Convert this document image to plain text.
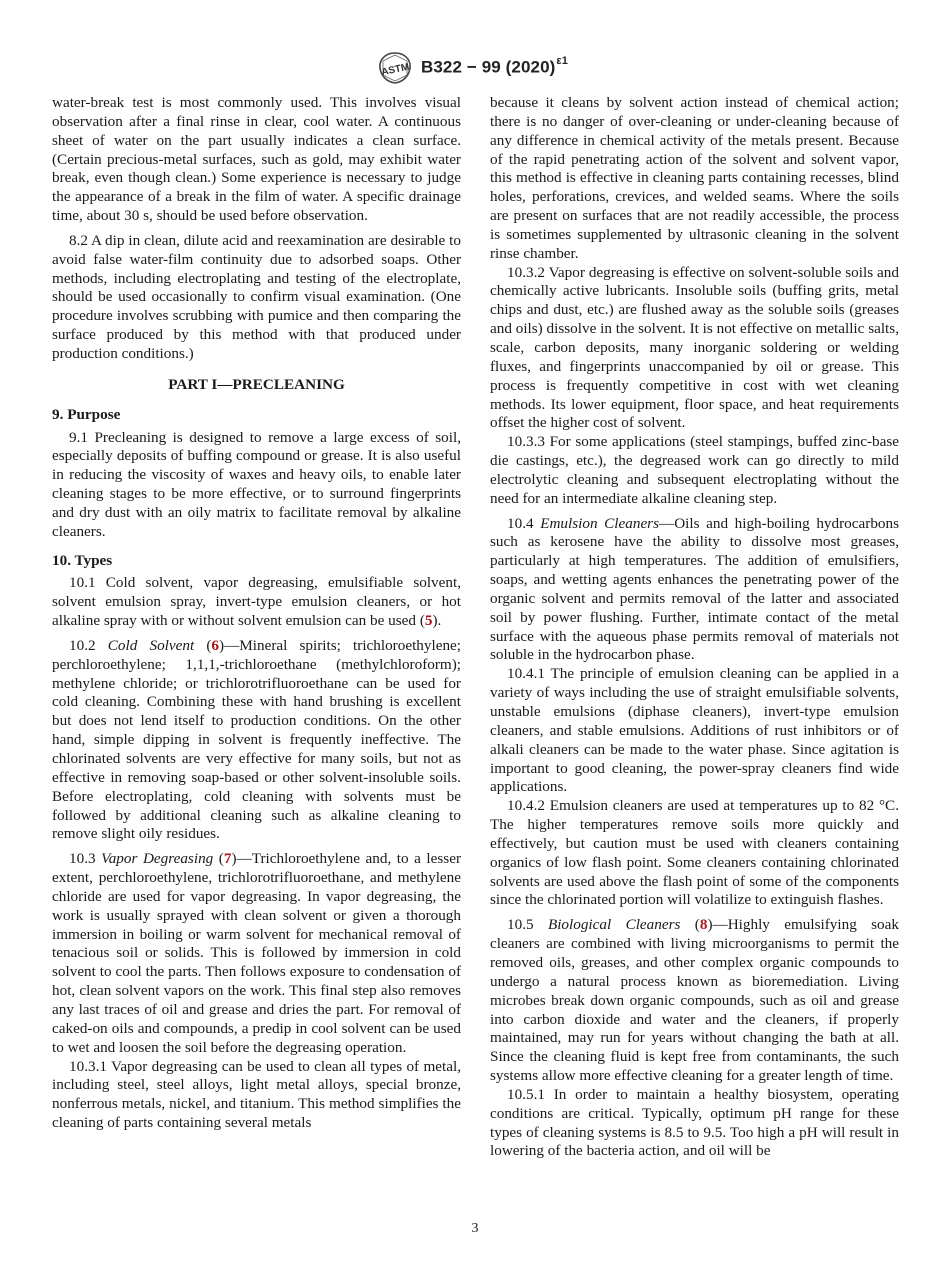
ASTM B322 − 99 $(2020)^{\varepsilon 1}$

water-break test is most commonly used. This involves visual observation after a final rinse in clear, cool water. A continuous sheet of water on the part usually indicates a clean surface. (Certain precious-metal surfaces, such as gold, may exhibit water break, even though clean.) Some experience is necessary to judge the appearance of a break in the film of water. A specific drainage time, about 30 s, should be used before observation.

8.2 A dip in clean, dilute acid and reexamination are desirable to avoid false water-film continuity due to adsorbed soaps. Other methods, including electroplating and testing of the electroplate, should be used occasionally to confirm visual examination. (One procedure involves scrubbing with pumice and then comparing the surface produced by this method with that produced under production conditions.)

PART I—PRECLEANING
9. Purpose

9.1 Precleaning is designed to remove a large excess of soil, especially deposits of buffing compound or grease. It is also useful in reducing the viscosity of waxes and heavy oils, to enable later cleaning stages to be more effective, or to surround fingerprints and dry dust with an oily matrix to facilitate removal by alkaline cleaners.

10. Types

10.1 Cold solvent, vapor degreasing, emulsifiable solvent, solvent emulsion spray, invert-type emulsion cleaners, or hot alkaline spray with or without solvent emulsion can be used (5).

10.2 Cold Solvent (6)—Mineral spirits; trichloroethylene; perchloroethylene; 1,1,1,-trichloroethane (methylchloroform); methylene chloride; or trichlorotrifluoroethane can be used for cold cleaning. Combining these with hand brushing is excellent but does not lend itself to production conditions. On the other hand, simple dipping in solvent is frequently ineffective. The chlorinated solvents are very effective for many soils, but not as effective in removing soap-based or other solvent-insoluble soils. Before electroplating, cold cleaning with solvents must be followed by additional cleaning such as alkaline cleaning to remove slight oily residues.

10.3 Vapor Degreasing (7)—Trichloroethylene and, to a lesser extent, perchloroethylene, trichlorotrifluoroethane, and methylene chloride are used for vapor degreasing. In vapor degreasing, the work is usually sprayed with clean solvent or given a thorough immersion in boiling or warm solvent for mechanical removal of tenacious soil or solids. This is followed by immersion in cold solvent to cool the parts. Then follows exposure to condensation of hot, clean solvent vapors on the work. This final step also removes any last traces of oil and grease and dries the part. For removal of caked-on oils and compounds, a predip in cool solvent can be used to wet and loosen the soil before the degreasing operation.

10.3.1 Vapor degreasing can be used to clean all types of metal, including steel, steel alloys, light metal alloys, special bronze, nonferrous metals, nickel, and titanium. This method simplifies the cleaning of parts containing several metals

because it cleans by solvent action instead of chemical action; there is no danger of over-cleaning or under-cleaning because of any difference in chemical activity of the metals present. Because of the rapid penetrating action of the solvent and solvent vapor, this method is effective in cleaning parts containing recesses, blind holes, perforations, crevices, and welded seams. Where the soils are present on surfaces that are not readily accessible, the process is sometimes supplemented by ultrasonic cleaning in the solvent rinse chamber.

10.3.2 Vapor degreasing is effective on solvent-soluble soils and chemically active lubricants. Insoluble soils (buffing grits, metal chips and dust, etc.) are flushed away as the soluble soils (greases and oils) dissolve in the solvent. It is not effective on metallic salts, scale, carbon deposits, many inorganic soldering or welding fluxes, and fingerprints unaccompanied by oil or grease. This process is frequently competitive in cost with wet cleaning methods. Its lower equipment, floor space, and heat requirements offset the higher cost of solvent.

10.3.3 For some applications (steel stampings, buffed zinc-base die castings, etc.), the degreased work can go directly to mild electrolytic cleaning and subsequent electroplating without the need for an intermediate alkaline cleaning step.

10.4 Emulsion Cleaners—Oils and high-boiling hydrocarbons such as kerosene have the ability to dissolve most greases, particularly at high temperatures. The addition of emulsifiers, soaps, and wetting agents enhances the penetrating power of the organic solvent and permits removal of the latter and associated soil by power flushing. Further, intimate contact of the metal surface with the aqueous phase permits removal of materials not soluble in the hydrocarbon phase.

10.4.1 The principle of emulsion cleaning can be applied in a variety of ways including the use of straight emulsifiable solvents, unstable emulsions (diphase cleaners), invert-type emulsion cleaners, and stable emulsions. Additions of rust inhibitors or of alkali cleaners can be made to the water phase. Since agitation is important to good cleaning, the power-spray cleaners find wide applications.

10.4.2 Emulsion cleaners are used at temperatures up to 82 °C. The higher temperatures remove soils more quickly and effectively, but caution must be used with cleaners containing organics of low flash point. Some cleaners containing chlorinated solvents are used above the flash point of some of the components since the chlorinated portion will volatilize to extinguish flashes.

10.5 Biological Cleaners (8)—Highly emulsifying soak cleaners are combined with living microorganisms to permit the removed oils, greases, and other complex organic compounds to undergo a natural process known as bioremediation. Living microbes break down organic compounds, such as oil and grease into carbon dioxide and water and the cleaners, if properly maintained, may run for years without changing the bath at all. Since the cleaning fluid is kept free from contaminants, the such systems allow more effective cleaning for a greater length of time.

10.5.1 In order to maintain a healthy biosystem, operating conditions are critical. Typically, optimum pH range for these types of cleaning systems is 8.5 to 9.5. Too high a pH will result in lowering of the bacteria action, and oil will be

3
